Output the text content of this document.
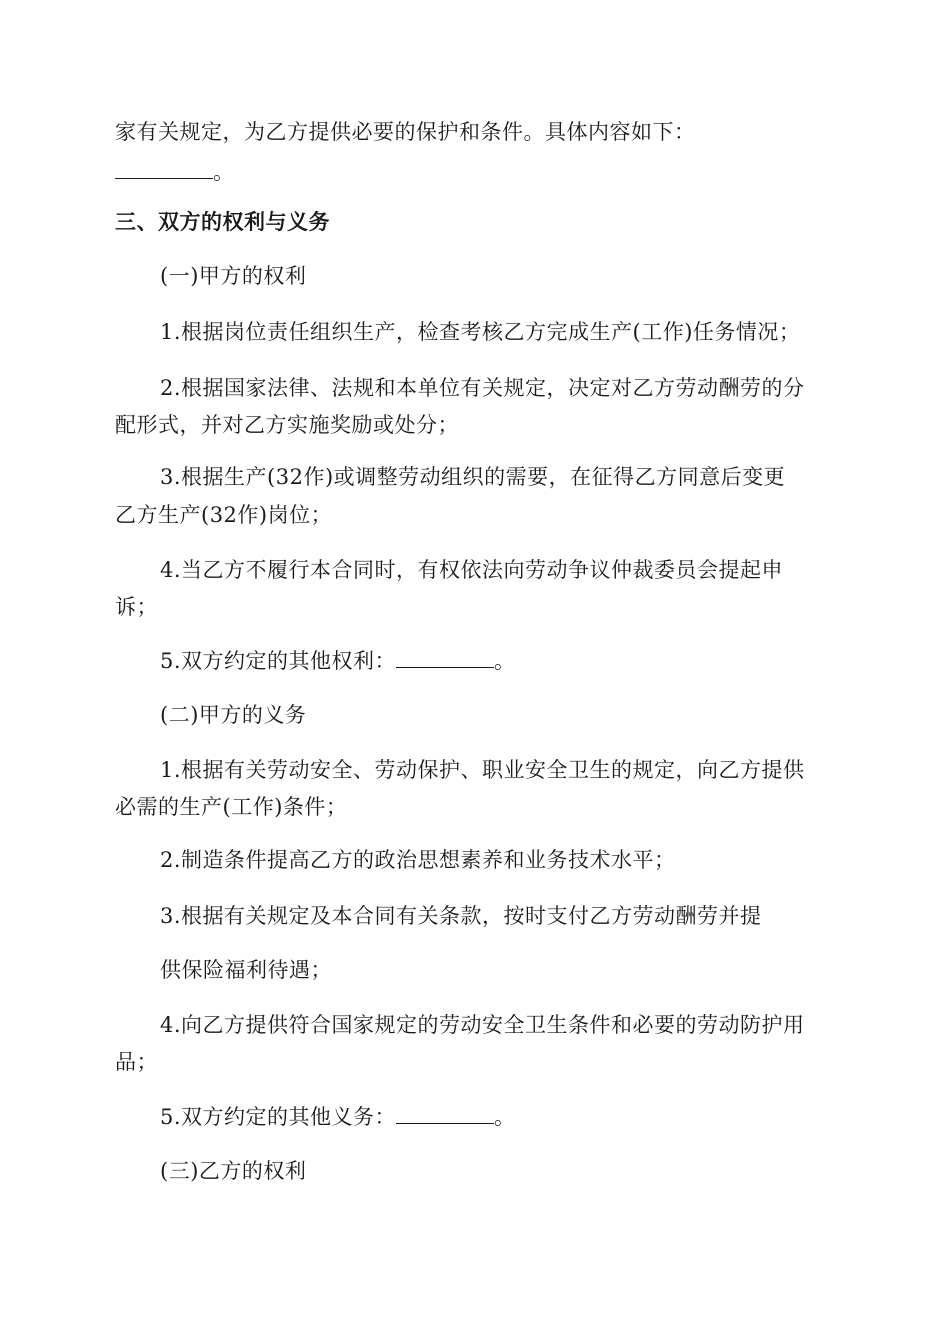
家有关规定，为乙方提供必要的保护和条件。具体内容如下：
。
三、双方的权利与义务
(一)甲方的权利
1.根据岗位责任组织生产，检查考核乙方完成生产(工作)任务情况；
2.根据国家法律、法规和本单位有关规定，决定对乙方劳动酬劳的分
配形式，并对乙方实施奖励或处分；
3.根据生产(32作)或调整劳动组织的需要，在征得乙方同意后变更
乙方生产(32作)岗位；
4.当乙方不履行本合同时，有权依法向劳动争议仲裁委员会提起申
诉；
5.双方约定的其他权利：	。
(二)甲方的义务
1.根据有关劳动安全、劳动保护、职业安全卫生的规定，向乙方提供
必需的生产(工作)条件；
2.制造条件提高乙方的政治思想素养和业务技术水平；
3.根据有关规定及本合同有关条款，按时支付乙方劳动酬劳并提
供保险福利待遇；
4.向乙方提供符合国家规定的劳动安全卫生条件和必要的劳动防护用
品；
5.双方约定的其他义务：	。
(三)乙方的权利
